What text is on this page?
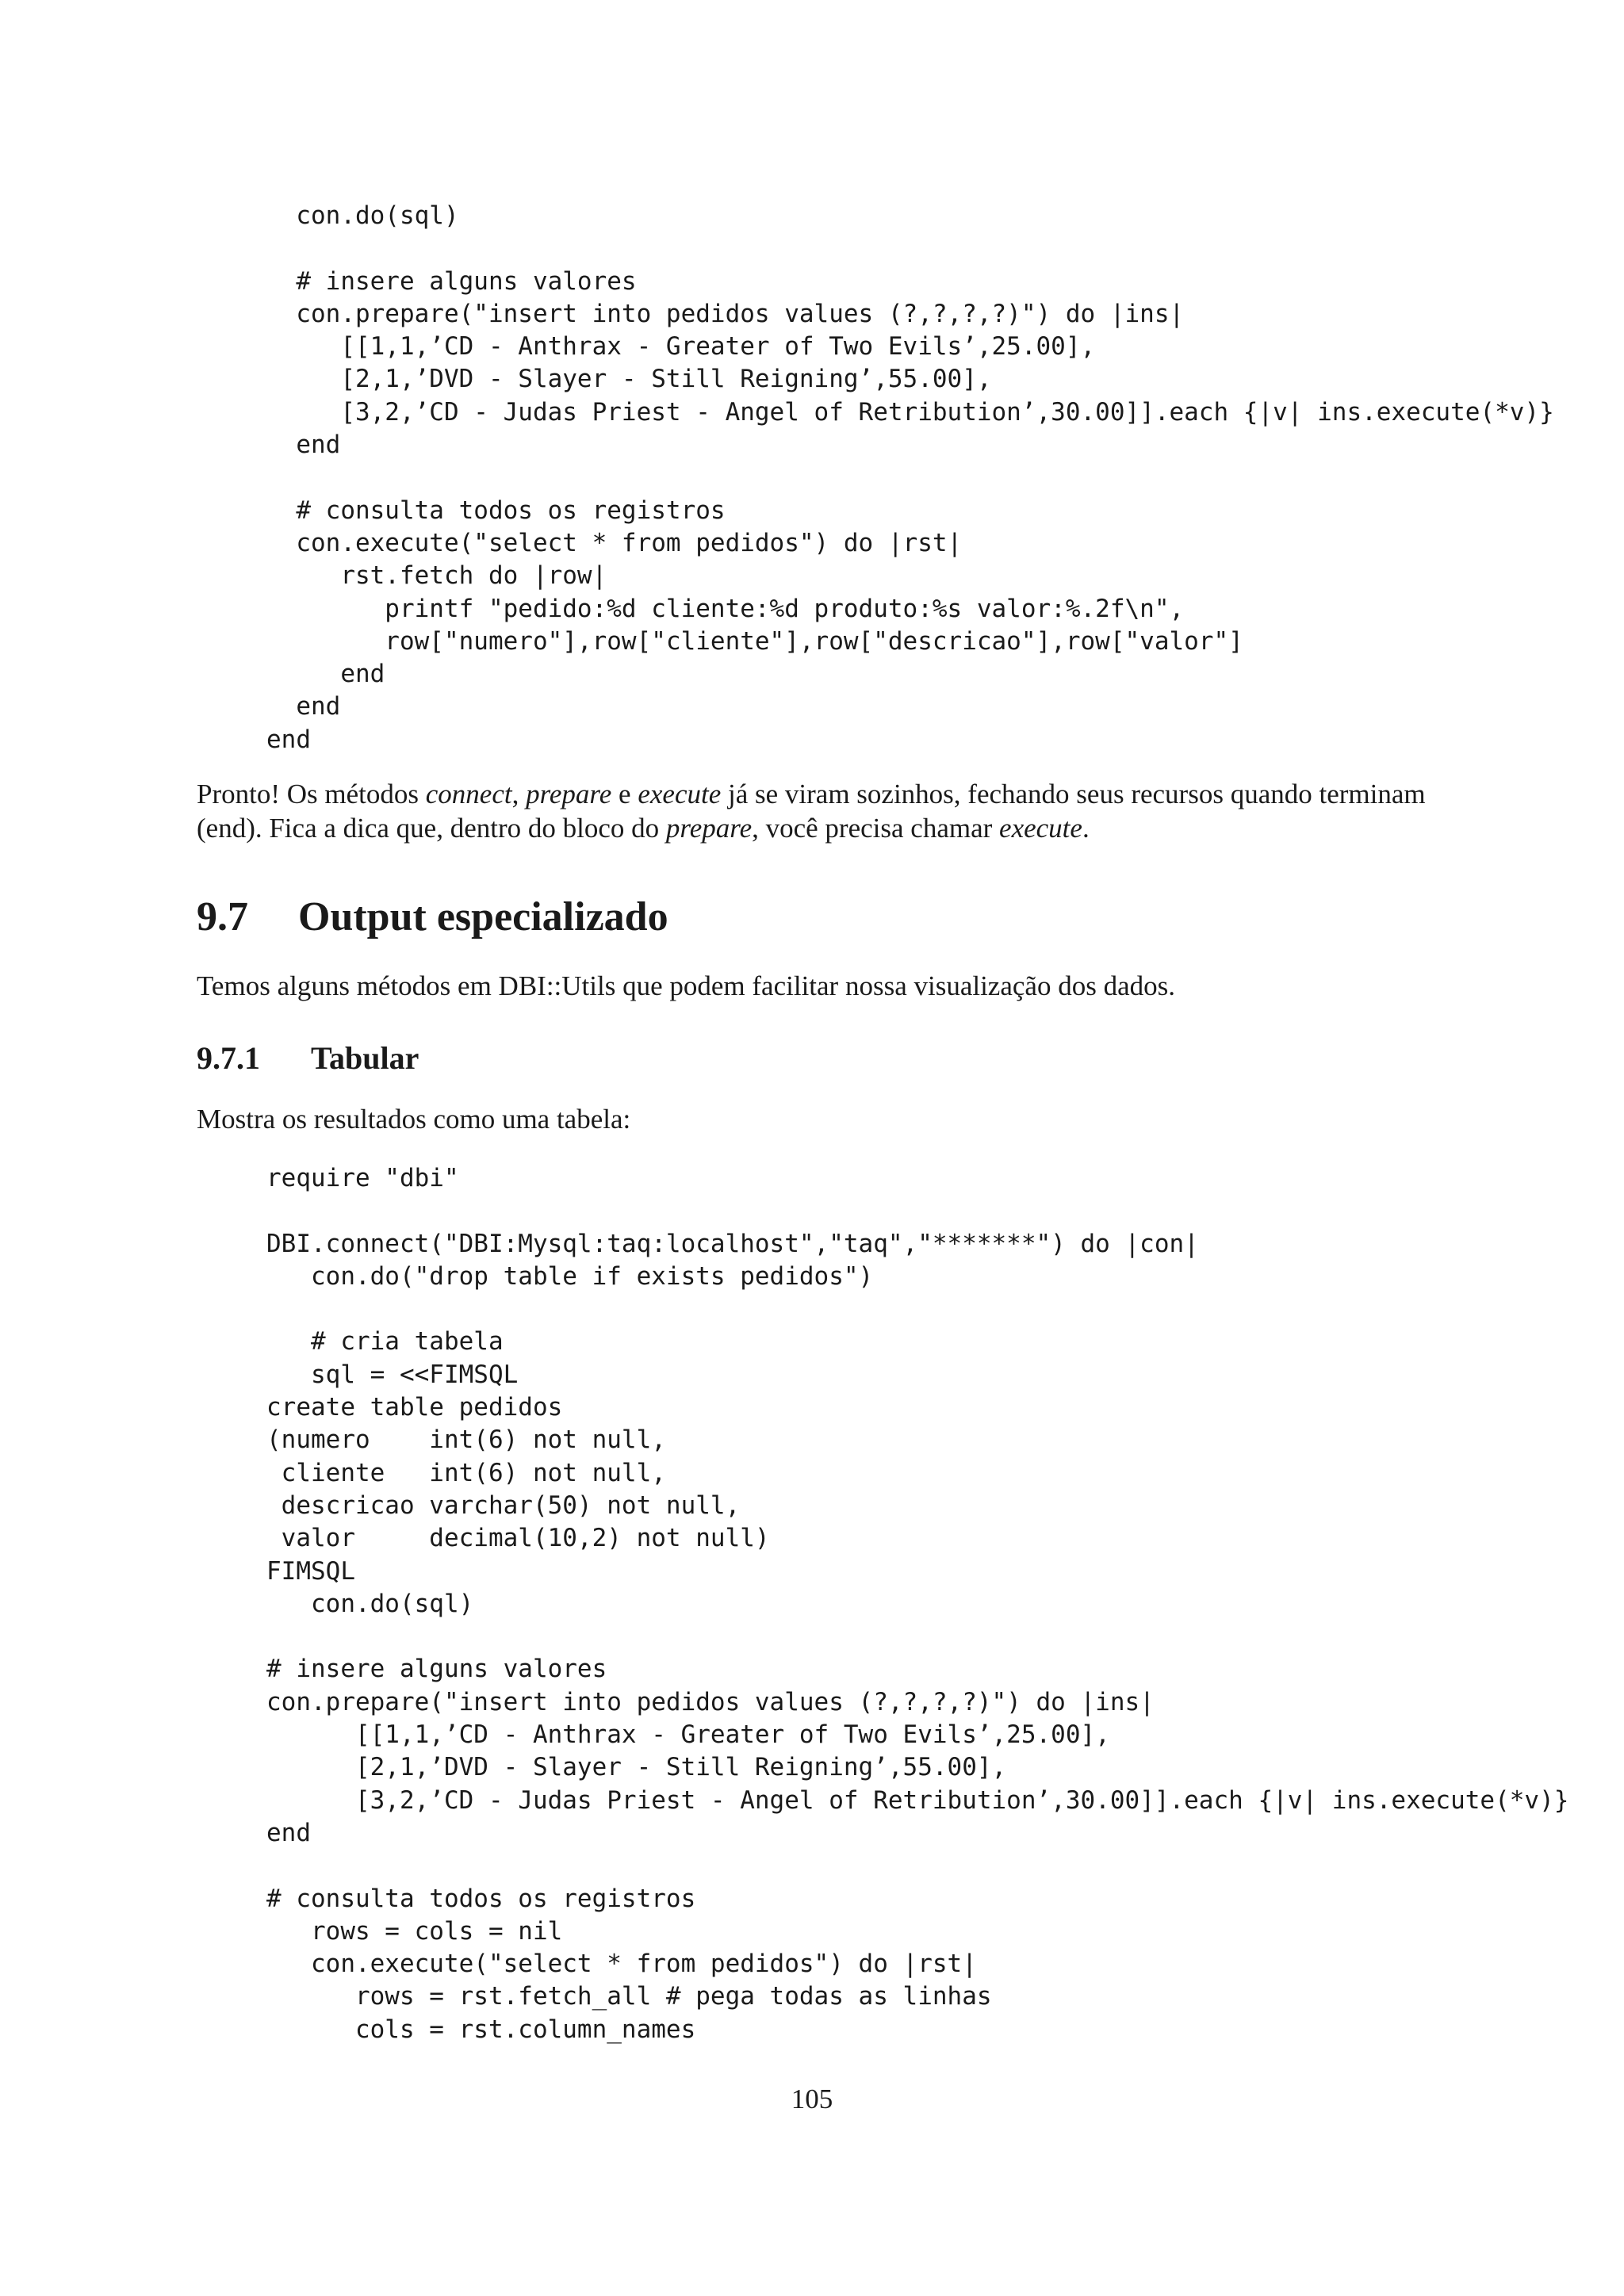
con.do(sql)

# insere alguns valores
con.prepare("insert into pedidos values (?,?,?,?)") do |ins|
[[1,1,’CD - Anthrax - Greater of Two Evils’,25.00],
[2,1,’DVD - Slayer - Still Reigning’,55.00],
[3,2,’CD - Judas Priest - Angel of Retribution’,30.00]].each {|v| ins.execute(*v)}
end

# consulta todos os registros
con.execute("select * from pedidos") do |rst|
rst.fetch do |row|
printf "pedido:%d cliente:%d produto:%s valor:%.2f\n",
row["numero"],row["cliente"],row["descricao"],row["valor"]
end
end
end

Pronto! Os métodos connect, prepare e execute já se viram sozinhos, fechando seus recursos quando terminam (end). Fica a dica que, dentro do bloco do prepare, você precisa chamar execute.

9.7 Output especializado

Temos alguns métodos em DBI::Utils que podem facilitar nossa visualização dos dados.

9.7.1 Tabular

Mostra os resultados como uma tabela:

require "dbi"

DBI.connect("DBI:Mysql:taq:localhost","taq","*******") do |con|
con.do("drop table if exists pedidos")

# cria tabela
sql = <<FIMSQL
create table pedidos
(numero    int(6) not null,
cliente   int(6) not null,
descricao varchar(50) not null,
valor     decimal(10,2) not null)
FIMSQL
con.do(sql)

# insere alguns valores
con.prepare("insert into pedidos values (?,?,?,?)") do |ins|
[[1,1,’CD - Anthrax - Greater of Two Evils’,25.00],
[2,1,’DVD - Slayer - Still Reigning’,55.00],
[3,2,’CD - Judas Priest - Angel of Retribution’,30.00]].each {|v| ins.execute(*v)}
end

# consulta todos os registros
rows = cols = nil
con.execute("select * from pedidos") do |rst|
rows = rst.fetch_all # pega todas as linhas
cols = rst.column_names
105
